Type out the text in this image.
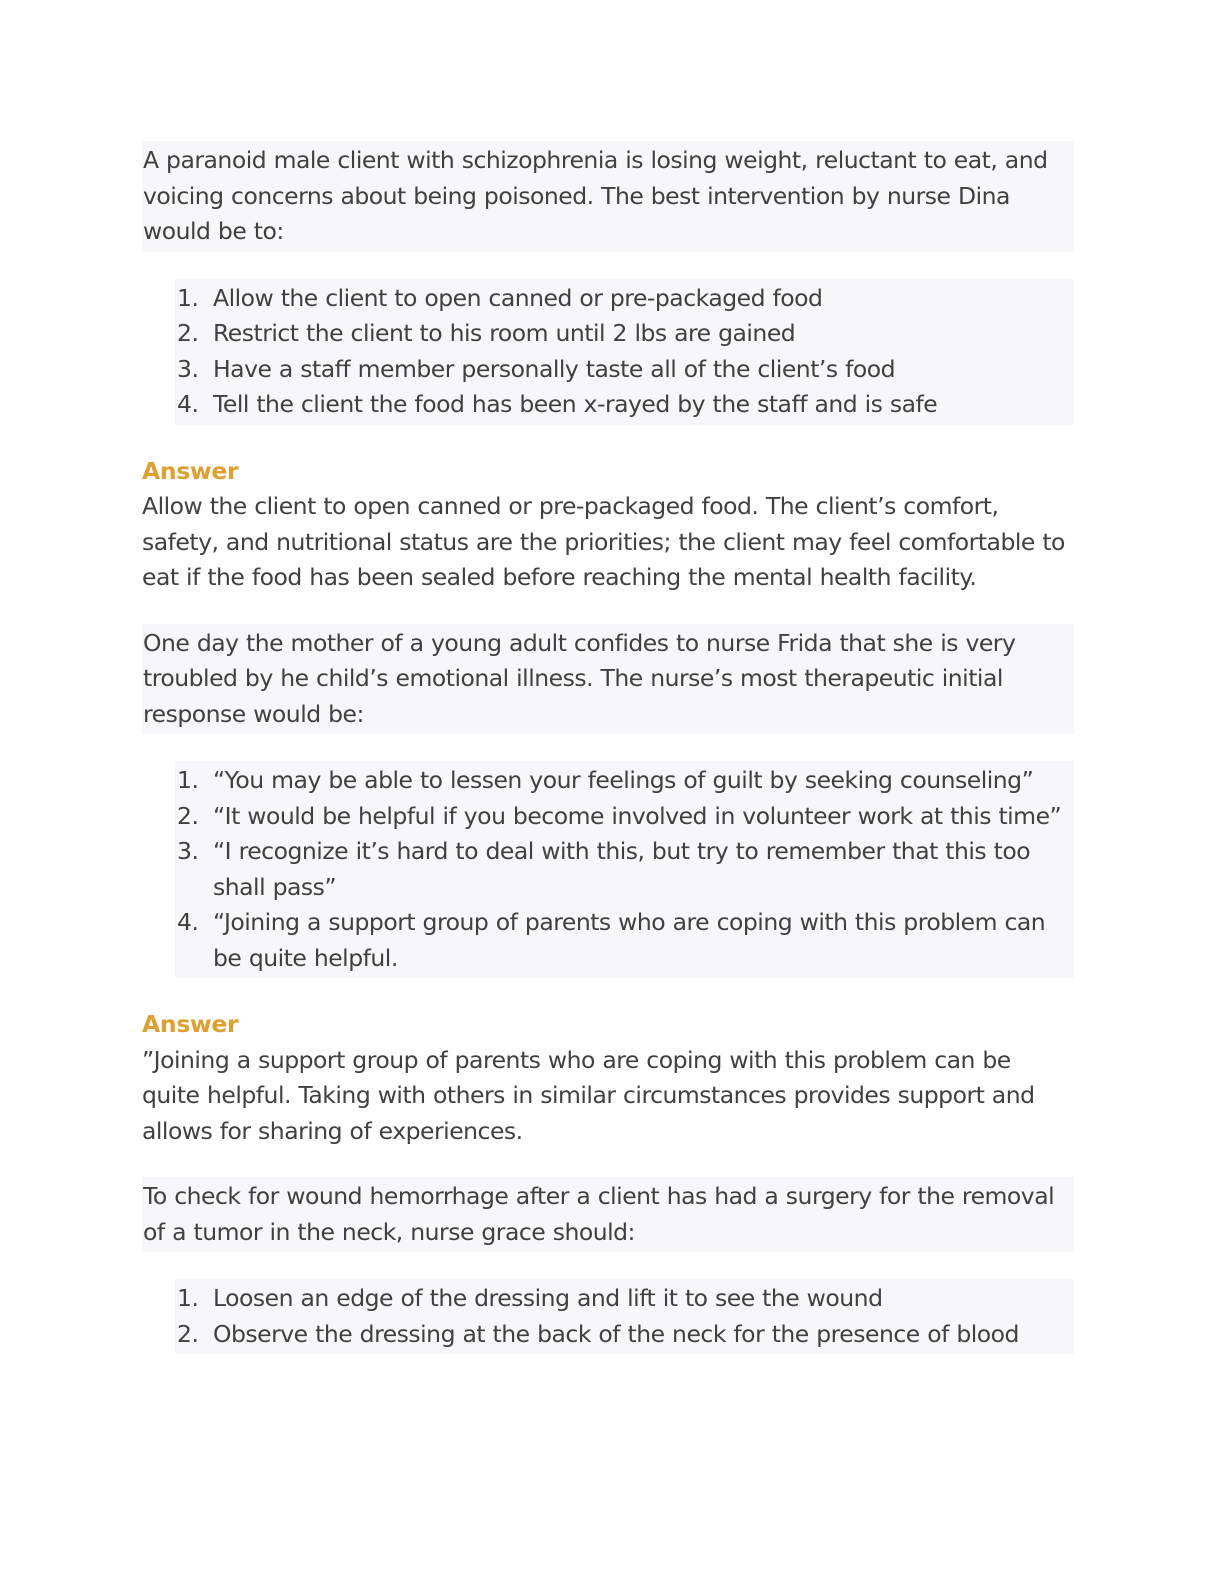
A paranoid male client with schizophrenia is losing weight, reluctant to eat, and voicing concerns about being poisoned. The best intervention by nurse Dina would be to:
1. Allow the client to open canned or pre-packaged food
2. Restrict the client to his room until 2 lbs are gained
3. Have a staff member personally taste all of the client’s food
4. Tell the client the food has been x-rayed by the staff and is safe
Answer
Allow the client to open canned or pre-packaged food. The client’s comfort, safety, and nutritional status are the priorities; the client may feel comfortable to eat if the food has been sealed before reaching the mental health facility.
One day the mother of a young adult confides to nurse Frida that she is very troubled by he child’s emotional illness. The nurse’s most therapeutic initial response would be:
1. “You may be able to lessen your feelings of guilt by seeking counseling”
2. “It would be helpful if you become involved in volunteer work at this time”
3. “I recognize it’s hard to deal with this, but try to remember that this too shall pass”
4. “Joining a support group of parents who are coping with this problem can be quite helpful.
Answer
”Joining a support group of parents who are coping with this problem can be quite helpful. Taking with others in similar circumstances provides support and allows for sharing of experiences.
To check for wound hemorrhage after a client has had a surgery for the removal of a tumor in the neck, nurse grace should:
1. Loosen an edge of the dressing and lift it to see the wound
2. Observe the dressing at the back of the neck for the presence of blood
